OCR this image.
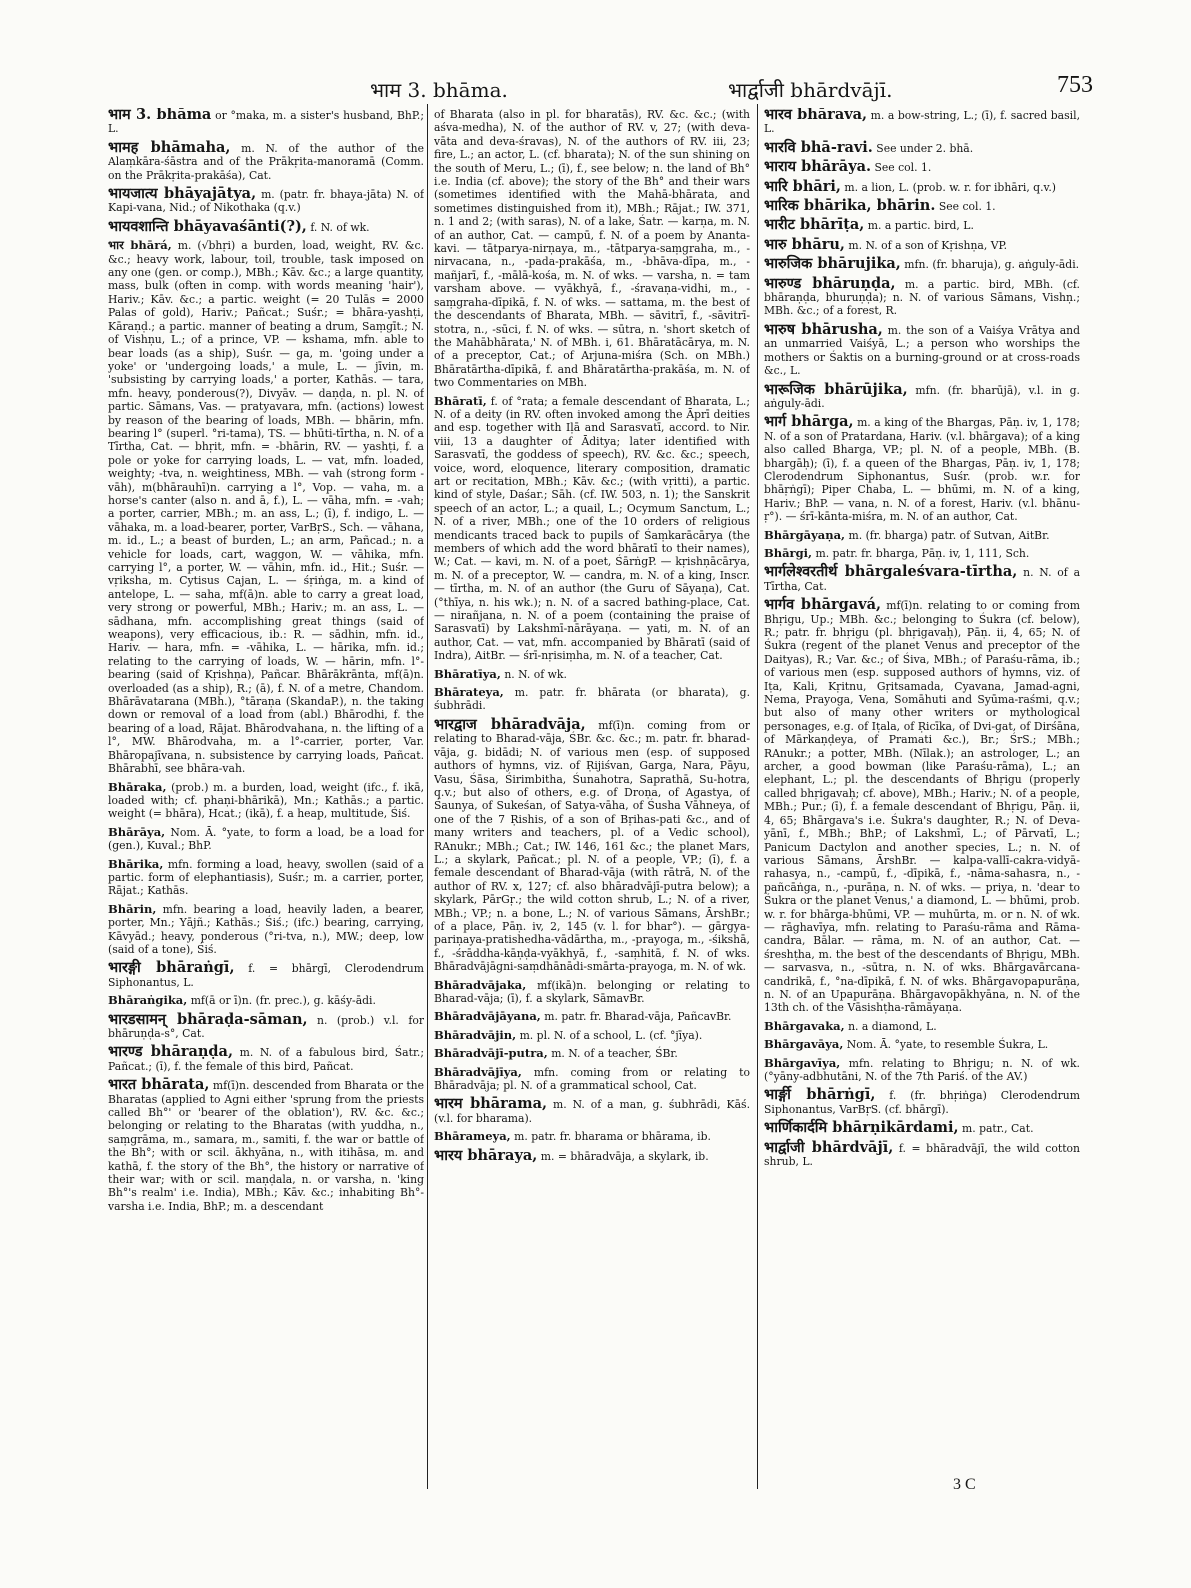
भाम 3. bhāma.	भार्द्वाजी bhārdvājī.	753
भाम 3. bhāma or °maka, m. a sister's husband, BhP.; L.
भामह bhāmaha, m. N. of the author of the Alaṃkāra-śāstra and of the Prākṛita-manoramā (Comm. on the Prākṛita-prakāśa), Cat.
भायजात्य bhāyajātya, m. (patr. fr. bhaya-jāta) N. of Kapi-vana, Nid.; of Nikothaka (q.v.)
भायवशान्ति bhāyavaśānti(?), f. N. of wk.
भार bhārá, m. (√bhṛi) a burden, load, weight, RV. &c. &c.; heavy work, labour, toil, trouble, task imposed on any one (gen. or comp.), MBh.; Kāv. &c.; a large quantity, mass, bulk (often in comp. with words meaning 'hair'), Hariv.; Kāv. &c.; a partic. weight (= 20 Tulās = 2000 Palas of gold), Hariv.; Pañcat.; Suśr.; = bhāra-yashṭi, Kāraṇḍ.; a partic. manner of beating a drum, Saṃgīt.; N. of Vishṇu, L.; of a prince, VP. — kshama, mfn. able to bear loads (as a ship), Suśr. — ga, m. 'going under a yoke' or 'undergoing loads,' a mule, L. — jīvin, m. 'subsisting by carrying loads,' a porter, Kathās. — tara, mfn. heavy, ponderous(?), Divyāv. — daṇḍa, n. pl. N. of partic. Sāmans, Vas. — pratyavara, mfn. (actions) lowest by reason of the bearing of loads, MBh. — bhārin, mfn. bearing l° (superl. °ri-tama), TS. — bhūti-tīrtha, n. N. of a Tīrtha, Cat. — bhṛit, mfn. = -bhārin, RV. — yashṭi, f. a pole or yoke for carrying loads, L. — vat, mfn. loaded, weighty; -tva, n. weightiness, MBh. — vah (strong form -vāh), m(bhārauhī)n. carrying a l°, Vop. — vaha, m. a horse's canter (also n. and ā, f.), L. — vāha, mfn. = -vah; a porter, carrier, MBh.; m. an ass, L.; (ī), f. indigo, L. — vāhaka, m. a load-bearer, porter, VarBṛS., Sch. — vāhana, m. id., L.; a beast of burden, L.; an arm, Pañcad.; n. a vehicle for loads, cart, waggon, W. — vāhika, mfn. carrying l°, a porter, W. — vāhin, mfn. id., Hit.; Suśr. — vṛiksha, m. Cytisus Cajan, L. — śṛiṅga, m. a kind of antelope, L. — saha, mf(ā)n. able to carry a great load, very strong or powerful, MBh.; Hariv.; m. an ass, L. — sādhana, mfn. accomplishing great things (said of weapons), very efficacious, ib.: R. — sādhin, mfn. id., Hariv. — hara, mfn. = -vāhika, L. — hārika, mfn. id.; relating to the carrying of loads, W. — hārin, mfn. l°-bearing (said of Kṛishṇa), Pañcar. Bhārākrānta, mf(ā)n. overloaded (as a ship), R.; (ā), f. N. of a metre, Chandom. Bhārāvatarana (MBh.), °tāraṇa (SkandaP.), n. the taking down or removal of a load from (abl.) Bhārodhi, f. the bearing of a load, Rājat. Bhārodvahana, n. the lifting of a l°, MW. Bhārodvaha, m. a l°-carrier, porter, Var. Bhāropajīvana, n. subsistence by carrying loads, Pañcat. Bhārabhī, see bhāra-vah.
Bhāraka, (prob.) m. a burden, load, weight (ifc., f. ikā, loaded with; cf. phaṇi-bhārikā), Mn.; Kathās.; a partic. weight (= bhāra), Hcat.; (ikā), f. a heap, multitude, Śiś.
Bhārāya, Nom. Ā. °yate, to form a load, be a load for (gen.), Kuval.; BhP.
Bhārika, mfn. forming a load, heavy, swollen (said of a partic. form of elephantiasis), Suśr.; m. a carrier, porter, Rājat.; Kathās.
Bhārin, mfn. bearing a load, heavily laden, a bearer, porter, Mn.; Yājñ.; Kathās.; Śiś.; (ifc.) bearing, carrying, Kāvyād.; heavy, ponderous (°ri-tva, n.), MW.; deep, low (said of a tone), Śiś.
भारङ्गी bhāraṅgī, f. = bhārgī, Clerodendrum Siphonantus, L.
Bhāraṅgika, mf(ā or ī)n. (fr. prec.), g. kāśy-ādi.
भारडसामन् bhāraḍa-sāman, n. (prob.) v.l. for bhāruṇḍa-s°, Cat.
भारण्ड bhāraṇḍa, m. N. of a fabulous bird, Śatr.; Pañcat.; (ī), f. the female of this bird, Pañcat.
भारत bhārata, mf(ī)n. descended from Bharata or the Bharatas (applied to Agni either 'sprung from the priests called Bh°' or 'bearer of the oblation'), RV. &c. &c.; belonging or relating to the Bharatas (with yuddha, n., saṃgrāma, m., samara, m., samiti, f. the war or battle of the Bh°; with or scil. ākhyāna, n., with itihāsa, m. and kathā, f. the story of the Bh°, the history or narrative of their war; with or scil. maṇḍala, n. or varsha, n. 'king Bh°'s realm' i.e. India), MBh.; Kāv. &c.; inhabiting Bh°-varsha i.e. India, BhP.; m. a descendant
of Bharata (also in pl. for bharatās), RV. &c. &c.; (with aśva-medha), N. of the author of RV. v, 27; (with deva-vāta and deva-śravas), N. of the authors of RV. iii, 23; fire, L.; an actor, L. (cf. bharata); N. of the sun shining on the south of Meru, L.; (ī), f., see below; n. the land of Bh° i.e. India (cf. above); the story of the Bh° and their wars (sometimes identified with the Mahā-bhārata, and sometimes distinguished from it), MBh.; Rājat.; IW. 371, n. 1 and 2; (with saras), N. of a lake, Śatr. — karṇa, m. N. of an author, Cat. — campū, f. N. of a poem by Ananta-kavi. — tātparya-nirṇaya, m., -tātparya-saṃgraha, m., -nirvacana, n., -pada-prakāśa, m., -bhāva-dīpa, m., -mañjarī, f., -mālā-kośa, m. N. of wks. — varsha, n. = tam varsham above. — vyākhyā, f., -śravaṇa-vidhi, m., -saṃgraha-dīpikā, f. N. of wks. — sattama, m. the best of the descendants of Bharata, MBh. — sāvitrī, f., -sāvitrī-stotra, n., -sūci, f. N. of wks. — sūtra, n. 'short sketch of the Mahābhārata,' N. of MBh. i, 61. Bhāratācārya, m. N. of a preceptor, Cat.; of Arjuna-miśra (Sch. on MBh.) Bhāratārtha-dīpikā, f. and Bhāratārtha-prakāśa, m. N. of two Commentaries on MBh.
Bhāratī, f. of °rata; a female descendant of Bharata, L.; N. of a deity (in RV. often invoked among the Āprī deities and esp. together with Iḷā and Sarasvatī, accord. to Nir. viii, 13 a daughter of Āditya; later identified with Sarasvatī, the goddess of speech), RV. &c. &c.; speech, voice, word, eloquence, literary composition, dramatic art or recitation, MBh.; Kāv. &c.; (with vṛitti), a partic. kind of style, Daśar.; Sāh. (cf. IW. 503, n. 1); the Sanskrit speech of an actor, L.; a quail, L.; Ocymum Sanctum, L.; N. of a river, MBh.; one of the 10 orders of religious mendicants traced back to pupils of Śaṃkarācārya (the members of which add the word bhāratī to their names), W.; Cat. — kavi, m. N. of a poet, ŚārṅgP. — kṛishṇācārya, m. N. of a preceptor, W. — candra, m. N. of a king, Inscr. — tīrtha, m. N. of an author (the Guru of Sāyaṇa), Cat. (°thīya, n. his wk.); n. N. of a sacred bathing-place, Cat. — nirañjana, n. N. of a poem (containing the praise of Sarasvatī) by Lakshmī-nārāyaṇa. — yati, m. N. of an author, Cat. — vat, mfn. accompanied by Bhāratī (said of Indra), AitBr. — śrī-nṛisiṃha, m. N. of a teacher, Cat.
Bhāratīya, n. N. of wk.
Bhārateya, m. patr. fr. bhārata (or bharata), g. śubhrādi.
भारद्वाज bhāradvāja, mf(ī)n. coming from or relating to Bharad-vāja, ŚBr. &c. &c.; m. patr. fr. bharad-vāja, g. bidādi; N. of various men (esp. of supposed authors of hymns, viz. of Ṛijiśvan, Garga, Nara, Pāyu, Vasu, Śāsa, Śirimbitha, Śunahotra, Saprathā, Su-hotra, q.v.; but also of others, e.g. of Droṇa, of Agastya, of Śaunya, of Sukeśan, of Satya-vāha, of Śusha Vāhneya, of one of the 7 Ṛishis, of a son of Bṛihas-pati &c., and of many writers and teachers, pl. of a Vedic school), RAnukr.; MBh.; Cat.; IW. 146, 161 &c.; the planet Mars, L.; a skylark, Pañcat.; pl. N. of a people, VP.; (ī), f. a female descendant of Bharad-vāja (with rātrā, N. of the author of RV. x, 127; cf. also bhāradvājī-putra below); a skylark, PārGṛ.; the wild cotton shrub, L.; N. of a river, MBh.; VP.; n. a bone, L.; N. of various Sāmans, ĀrshBr.; of a place, Pāṇ. iv, 2, 145 (v. l. for bhar°). — gārgya-pariṇaya-pratishedha-vādārtha, m., -prayoga, m., -śikshā, f., -śrāddha-kāṇḍa-vyākhyā, f., -saṃhitā, f. N. of wks. Bhāradvājāgni-saṃdhānādi-smārta-prayoga, m. N. of wk.
Bhāradvājaka, mf(ikā)n. belonging or relating to Bharad-vāja; (ī), f. a skylark, SāmavBr.
Bhāradvājāyana, m. patr. fr. Bharad-vāja, PañcavBr.
Bhāradvājin, m. pl. N. of a school, L. (cf. °jīya).
Bhāradvājī-putra, m. N. of a teacher, ŚBr.
Bhāradvājīya, mfn. coming from or relating to Bhāradvāja; pl. N. of a grammatical school, Cat.
भारम bhārama, m. N. of a man, g. śubhrādi, Kāś. (v.l. for bharama).
Bhārameya, m. patr. fr. bharama or bhārama, ib.
भारय bhāraya, m. = bhāradvāja, a skylark, ib.
भारव bhārava, m. a bow-string, L.; (ī), f. sacred basil, L.
भारवि bhā-ravi. See under 2. bhā.
भाराय bhārāya. See col. 1.
भारि bhāri, m. a lion, L. (prob. w. r. for ibhāri, q.v.)
भारिक bhārika, bhārin. See col. 1.
भारीट bhārīṭa, m. a partic. bird, L.
भारु bhāru, m. N. of a son of Kṛishṇa, VP.
भारुजिक bhārujika, mfn. (fr. bharuja), g. aṅguly-ādi.
भारुण्ड bhāruṇḍa, m. a partic. bird, MBh. (cf. bhāraṇḍa, bhuruṇḍa); n. N. of various Sāmans, Vishṇ.; MBh. &c.; of a forest, R.
भारुष bhārusha, m. the son of a Vaiśya Vrātya and an unmarried Vaiśyā, L.; a person who worships the mothers or Śaktis on a burning-ground or at cross-roads &c., L.
भारूजिक bhārūjika, mfn. (fr. bharūjā), v.l. in g. aṅguly-ādi.
भार्ग bhārga, m. a king of the Bhargas, Pāṇ. iv, 1, 178; N. of a son of Pratardana, Hariv. (v.l. bhārgava); of a king also called Bharga, VP.; pl. N. of a people, MBh. (B. bhargāḥ); (ī), f. a queen of the Bhargas, Pāṇ. iv, 1, 178; Clerodendrum Siphonantus, Suśr. (prob. w.r. for bhāṛṅgī); Piper Chaba, L. — bhūmi, m. N. of a king, Hariv.; BhP. — vana, n. N. of a forest, Hariv. (v.l. bhānu-ṛ°). — śrī-kānta-miśra, m. N. of an author, Cat.
Bhārgāyaṇa, m. (fr. bharga) patr. of Sutvan, AitBr.
Bhārgi, m. patr. fr. bharga, Pāṇ. iv, 1, 111, Sch.
भार्गलेश्वरतीर्थ bhārgaleśvara-tīrtha, n. N. of a Tīrtha, Cat.
भार्गव bhārgavá, mf(ī)n. relating to or coming from Bhṛigu, Up.; MBh. &c.; belonging to Śukra (cf. below), R.; patr. fr. bhṛigu (pl. bhṛigavaḥ), Pāṇ. ii, 4, 65; N. of Śukra (regent of the planet Venus and preceptor of the Daityas), R.; Var. &c.; of Śiva, MBh.; of Paraśu-rāma, ib.; of various men (esp. supposed authors of hymns, viz. of Iṭa, Kali, Kṛitnu, Gṛitsamada, Cyavana, Jamad-agni, Nema, Prayoga, Vena, Somāhuti and Syūma-raśmi, q.v.; but also of many other writers or mythological personages, e.g. of Iṭala, of Ṛicīka, of Dvi-gat, of Dirśāna, of Mārkaṇḍeya, of Pramati &c.), Br.; ŚrS.; MBh.; RAnukr.; a potter, MBh. (Nīlak.); an astrologer, L.; an archer, a good bowman (like Paraśu-rāma), L.; an elephant, L.; pl. the descendants of Bhṛigu (properly called bhṛigavaḥ; cf. above), MBh.; Hariv.; N. of a people, MBh.; Pur.; (ī), f. a female descendant of Bhṛigu, Pāṇ. ii, 4, 65; Bhārgava's i.e. Śukra's daughter, R.; N. of Deva-yānī, f., MBh.; BhP.; of Lakshmī, L.; of Pārvatī, L.; Panicum Dactylon and another species, L.; n. N. of various Sāmans, ĀrshBr. — kalpa-vallī-cakra-vidyā-rahasya, n., -campū, f., -dīpikā, f., -nāma-sahasra, n., -pañcāṅga, n., -purāṇa, n. N. of wks. — priya, n. 'dear to Śukra or the planet Venus,' a diamond, L. — bhūmi, prob. w. r. for bhārga-bhūmi, VP. — muhūrta, m. or n. N. of wk. — rāghavīya, mfn. relating to Paraśu-rāma and Rāma-candra, Bālar. — rāma, m. N. of an author, Cat. — śreshṭha, m. the best of the descendants of Bhṛigu, MBh. — sarvasva, n., -sūtra, n. N. of wks. Bhārgavārcana-candrikā, f., °na-dīpikā, f. N. of wks. Bhārgavopapurāṇa, n. N. of an Upapurāṇa. Bhārgavopākhyāna, n. N. of the 13th ch. of the Vāsishṭha-rāmāyaṇa.
Bhārgavaka, n. a diamond, L.
Bhārgavāya, Nom. Ā. °yate, to resemble Śukra, L.
Bhārgavīya, mfn. relating to Bhṛigu; n. N. of wk. (°yāny-adbhutāni, N. of the 7th Pariś. of the AV.)
भार्ङ्गी bhārṅgī, f. (fr. bhṛiṅga) Clerodendrum Siphonantus, VarBṛS. (cf. bhārgī).
भार्णिकार्दमि bhārṇikārdami, m. patr., Cat.
भार्द्वाजी bhārdvājī, f. = bhāradvājī, the wild cotton shrub, L.
3 C
